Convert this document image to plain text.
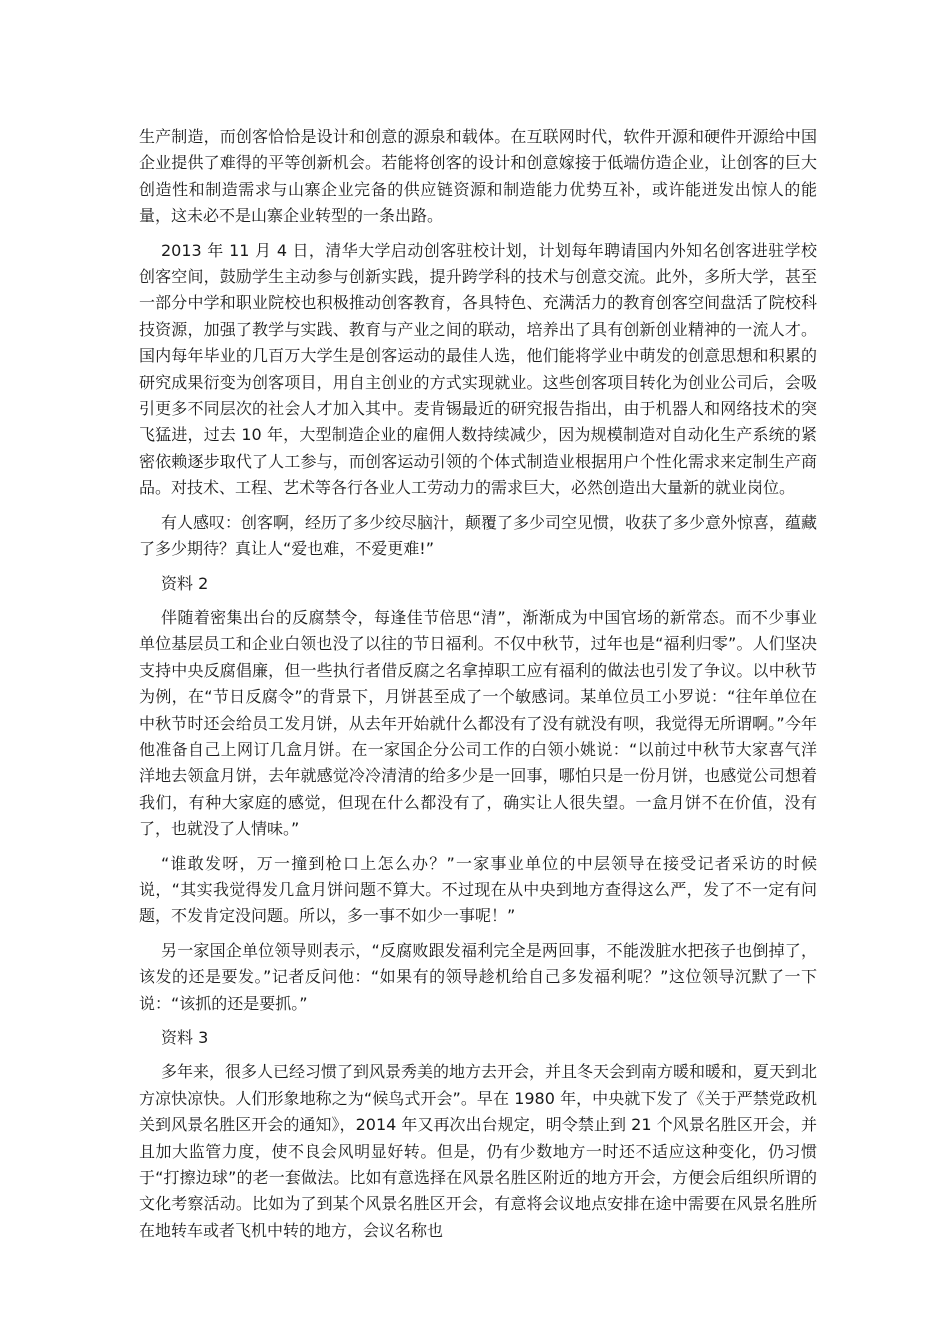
生产制造，而创客恰恰是设计和创意的源泉和载体。在互联网时代，软件开源和硬件开源给中国企业提供了难得的平等创新机会。若能将创客的设计和创意嫁接于低端仿造企业，让创客的巨大创造性和制造需求与山寨企业完备的供应链资源和制造能力优势互补，或许能迸发出惊人的能量，这未必不是山寨企业转型的一条出路。

2013 年 11 月 4 日，清华大学启动创客驻校计划，计划每年聘请国内外知名创客进驻学校创客空间，鼓励学生主动参与创新实践，提升跨学科的技术与创意交流。此外，多所大学，甚至一部分中学和职业院校也积极推动创客教育，各具特色、充满活力的教育创客空间盘活了院校科技资源，加强了教学与实践、教育与产业之间的联动，培养出了具有创新创业精神的一流人才。国内每年毕业的几百万大学生是创客运动的最佳人选，他们能将学业中萌发的创意思想和积累的研究成果衍变为创客项目，用自主创业的方式实现就业。这些创客项目转化为创业公司后，会吸引更多不同层次的社会人才加入其中。麦肯锡最近的研究报告指出，由于机器人和网络技术的突飞猛进，过去 10 年，大型制造企业的雇佣人数持续减少，因为规模制造对自动化生产系统的紧密依赖逐步取代了人工参与，而创客运动引领的个体式制造业根据用户个性化需求来定制生产商品。对技术、工程、艺术等各行各业人工劳动力的需求巨大，必然创造出大量新的就业岗位。

有人感叹：创客啊，经历了多少绞尽脑汁，颠覆了多少司空见惯，收获了多少意外惊喜，蕴藏了多少期待？真让人“爱也难，不爱更难!”

资料 2

伴随着密集出台的反腐禁令，每逢佳节倍思“清”，渐渐成为中国官场的新常态。而不少事业单位基层员工和企业白领也没了以往的节日福利。不仅中秋节，过年也是“福利归零”。人们坚决支持中央反腐倡廉，但一些执行者借反腐之名拿掉职工应有福利的做法也引发了争议。以中秋节为例，在“节日反腐令”的背景下，月饼甚至成了一个敏感词。某单位员工小罗说：“往年单位在中秋节时还会给员工发月饼，从去年开始就什么都没有了没有就没有呗，我觉得无所谓啊。”今年他准备自己上网订几盒月饼。在一家国企分公司工作的白领小姚说：“以前过中秋节大家喜气洋洋地去领盒月饼，去年就感觉冷冷清清的给多少是一回事，哪怕只是一份月饼，也感觉公司想着我们，有种大家庭的感觉，但现在什么都没有了，确实让人很失望。一盒月饼不在价值，没有了，也就没了人情味。”

“谁敢发呀，万一撞到枪口上怎么办？”一家事业单位的中层领导在接受记者采访的时候说，“其实我觉得发几盒月饼问题不算大。不过现在从中央到地方查得这么严，发了不一定有问题，不发肯定没问题。所以，多一事不如少一事呢！”

另一家国企单位领导则表示，“反腐败跟发福利完全是两回事，不能泼脏水把孩子也倒掉了，该发的还是要发。”记者反问他：“如果有的领导趁机给自己多发福利呢？”这位领导沉默了一下说：“该抓的还是要抓。”

资料 3

多年来，很多人已经习惯了到风景秀美的地方去开会，并且冬天会到南方暖和暖和，夏天到北方凉快凉快。人们形象地称之为“候鸟式开会”。早在 1980 年，中央就下发了《关于严禁党政机关到风景名胜区开会的通知》，2014 年又再次出台规定，明令禁止到 21 个风景名胜区开会，并且加大监管力度，使不良会风明显好转。但是，仍有少数地方一时还不适应这种变化，仍习惯于“打擦边球”的老一套做法。比如有意选择在风景名胜区附近的地方开会，方便会后组织所谓的文化考察活动。比如为了到某个风景名胜区开会，有意将会议地点安排在途中需要在风景名胜所在地转车或者飞机中转的地方，会议名称也
